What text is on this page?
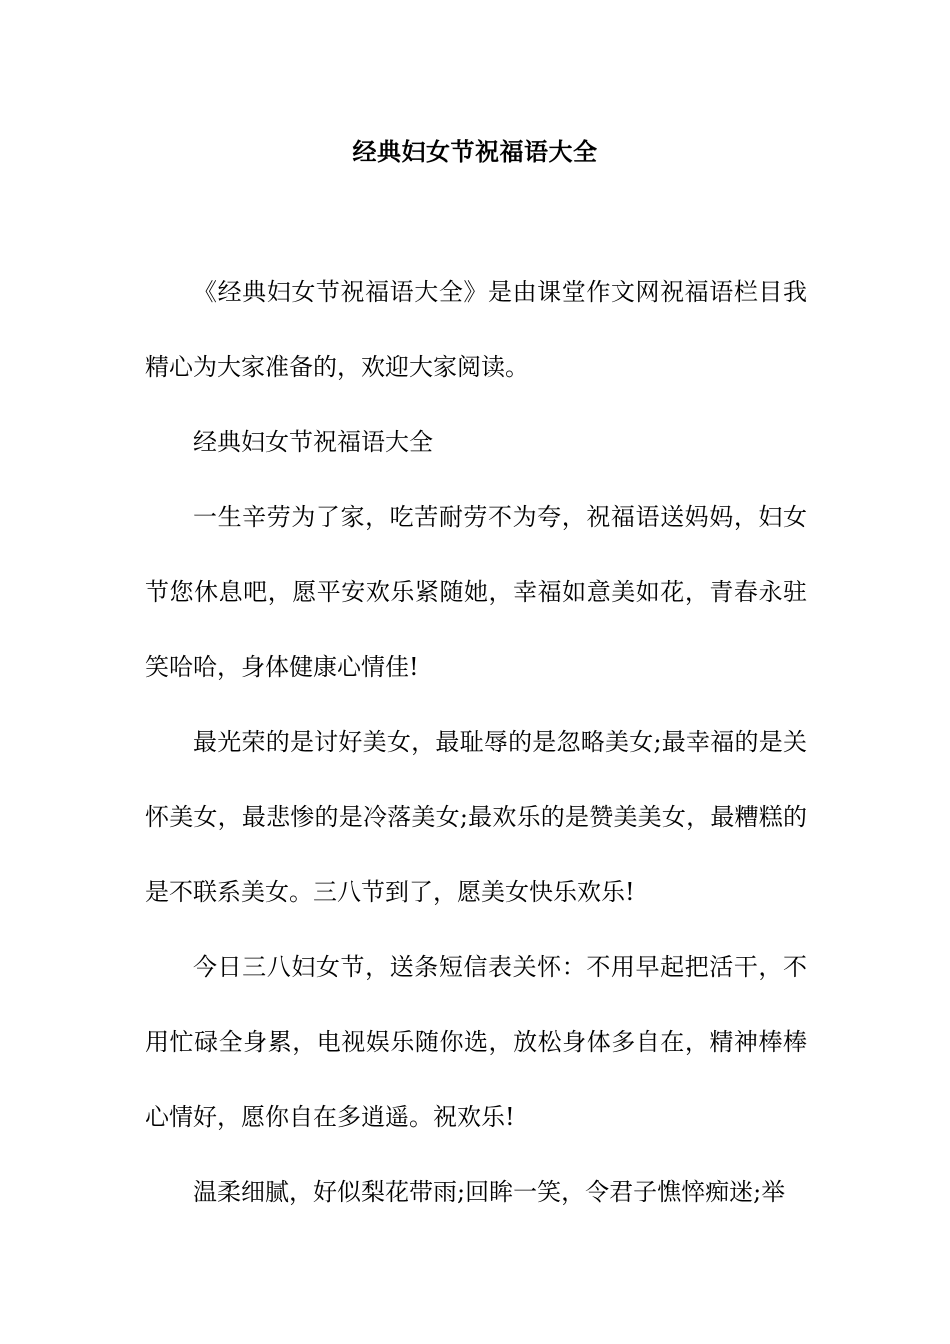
经典妇女节祝福语大全

《经典妇女节祝福语大全》是由课堂作文网祝福语栏目我精心为大家准备的，欢迎大家阅读。

经典妇女节祝福语大全

一生辛劳为了家，吃苦耐劳不为夸，祝福语送妈妈，妇女节您休息吧，愿平安欢乐紧随她，幸福如意美如花，青春永驻笑哈哈，身体健康心情佳!

最光荣的是讨好美女，最耻辱的是忽略美女;最幸福的是关怀美女，最悲惨的是冷落美女;最欢乐的是赞美美女，最糟糕的是不联系美女。三八节到了，愿美女快乐欢乐!

今日三八妇女节，送条短信表关怀：不用早起把活干，不用忙碌全身累，电视娱乐随你选，放松身体多自在，精神棒棒心情好，愿你自在多逍遥。祝欢乐!

温柔细腻，好似梨花带雨;回眸一笑，令君子憔悴痴迷;举
